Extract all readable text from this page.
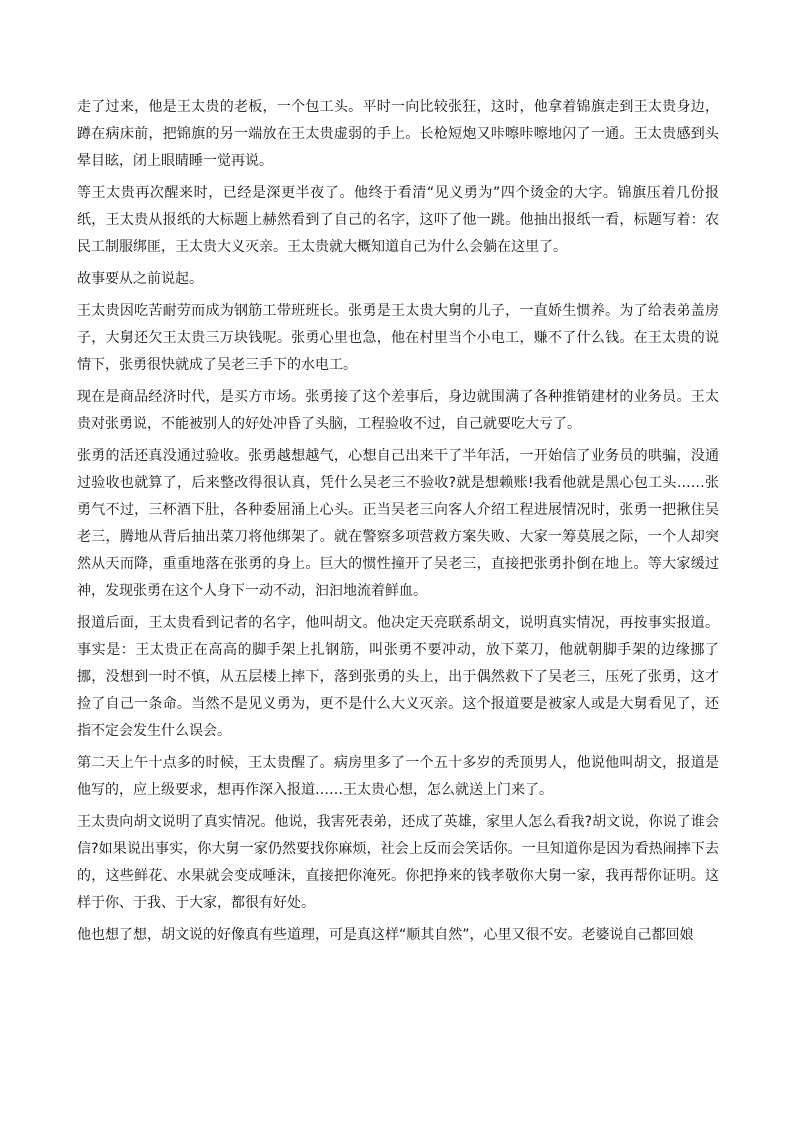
走了过来，他是王太贵的老板，一个包工头。平时一向比较张狂，这时，他拿着锦旗走到王太贵身边，蹲在病床前，把锦旗的另一端放在王太贵虚弱的手上。长枪短炮又咔嚓咔嚓地闪了一通。王太贵感到头晕目眩，闭上眼睛睡一觉再说。

等王太贵再次醒来时，已经是深更半夜了。他终于看清“见义勇为”四个烫金的大字。锦旗压着几份报纸，王太贵从报纸的大标题上赫然看到了自己的名字，这吓了他一跳。他抽出报纸一看，标题写着：农民工制服绑匪，王太贵大义灭亲。王太贵就大概知道自己为什么会躺在这里了。

故事要从之前说起。

王太贵因吃苦耐劳而成为钢筋工带班班长。张勇是王太贵大舅的儿子，一直娇生惯养。为了给表弟盖房子，大舅还欠王太贵三万块钱呢。张勇心里也急，他在村里当个小电工，赚不了什么钱。在王太贵的说情下，张勇很快就成了吴老三手下的水电工。

现在是商品经济时代，是买方市场。张勇接了这个差事后，身边就围满了各种推销建材的业务员。王太贵对张勇说，不能被别人的好处冲昏了头脑，工程验收不过，自己就要吃大亏了。

张勇的活还真没通过验收。张勇越想越气，心想自己出来干了半年活，一开始信了业务员的哄骗，没通过验收也就算了，后来整改得很认真，凭什么吴老三不验收?就是想赖账!我看他就是黑心包工头……张勇气不过，三杯酒下肚，各种委屈涌上心头。正当吴老三向客人介绍工程进展情况时，张勇一把揪住吴老三，腾地从背后抽出菜刀将他绑架了。就在警察多项营救方案失败、大家一筹莫展之际，一个人却突然从天而降，重重地落在张勇的身上。巨大的惯性撞开了吴老三，直接把张勇扑倒在地上。等大家缓过神，发现张勇在这个人身下一动不动，汩汩地流着鲜血。

报道后面，王太贵看到记者的名字，他叫胡文。他决定天亮联系胡文，说明真实情况，再按事实报道。事实是：王太贵正在高高的脚手架上扎钢筋，叫张勇不要冲动，放下菜刀，他就朝脚手架的边缘挪了挪，没想到一时不慎，从五层楼上摔下，落到张勇的头上，出于偶然救下了吴老三，压死了张勇，这才捡了自己一条命。当然不是见义勇为，更不是什么大义灭亲。这个报道要是被家人或是大舅看见了，还指不定会发生什么误会。

第二天上午十点多的时候，王太贵醒了。病房里多了一个五十多岁的秃顶男人，他说他叫胡文，报道是他写的，应上级要求，想再作深入报道……王太贵心想，怎么就送上门来了。

王太贵向胡文说明了真实情况。他说，我害死表弟，还成了英雄，家里人怎么看我?胡文说，你说了谁会信?如果说出事实，你大舅一家仍然要找你麻烦，社会上反而会笑话你。一旦知道你是因为看热闹摔下去的，这些鲜花、水果就会变成唾沫，直接把你淹死。你把挣来的钱孝敬你大舅一家，我再帮你证明。这样于你、于我、于大家，都很有好处。

他也想了想，胡文说的好像真有些道理，可是真这样“顺其自然”，心里又很不安。老婆说自己都回娘
